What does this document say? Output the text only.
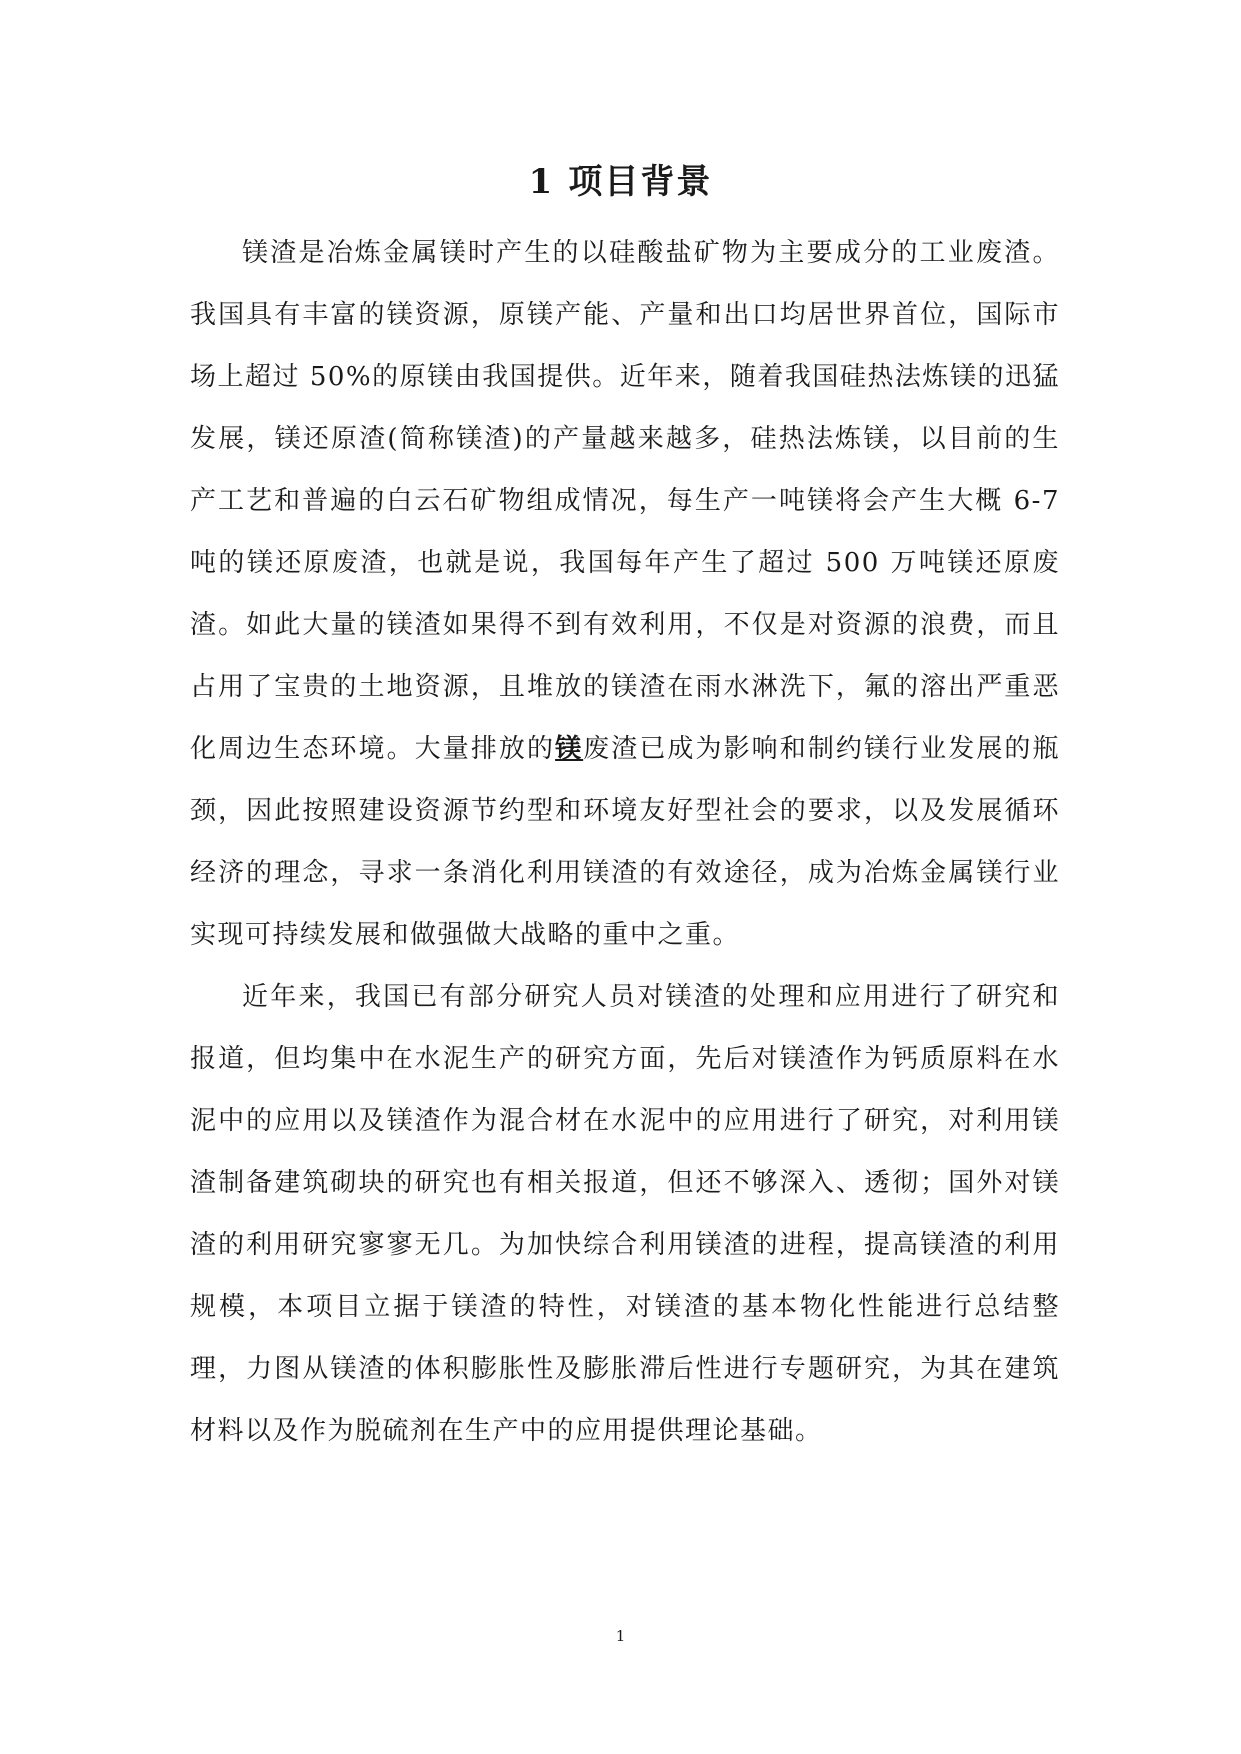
1 项目背景

镁渣是冶炼金属镁时产生的以硅酸盐矿物为主要成分的工业废渣。我国具有丰富的镁资源，原镁产能、产量和出口均居世界首位，国际市场上超过 50%的原镁由我国提供。近年来，随着我国硅热法炼镁的迅猛发展，镁还原渣(简称镁渣)的产量越来越多，硅热法炼镁，以目前的生产工艺和普遍的白云石矿物组成情况，每生产一吨镁将会产生大概 6-7 吨的镁还原废渣，也就是说，我国每年产生了超过 500 万吨镁还原废渣。如此大量的镁渣如果得不到有效利用，不仅是对资源的浪费，而且占用了宝贵的土地资源，且堆放的镁渣在雨水淋洗下，氟的溶出严重恶化周边生态环境。大量排放的镁废渣已成为影响和制约镁行业发展的瓶颈，因此按照建设资源节约型和环境友好型社会的要求，以及发展循环经济的理念，寻求一条消化利用镁渣的有效途径，成为冶炼金属镁行业实现可持续发展和做强做大战略的重中之重。

近年来，我国已有部分研究人员对镁渣的处理和应用进行了研究和报道，但均集中在水泥生产的研究方面，先后对镁渣作为钙质原料在水泥中的应用以及镁渣作为混合材在水泥中的应用进行了研究，对利用镁渣制备建筑砌块的研究也有相关报道，但还不够深入、透彻；国外对镁渣的利用研究寥寥无几。为加快综合利用镁渣的进程，提高镁渣的利用规模，本项目立据于镁渣的特性，对镁渣的基本物化性能进行总结整理，力图从镁渣的体积膨胀性及膨胀滞后性进行专题研究，为其在建筑材料以及作为脱硫剂在生产中的应用提供理论基础。

1
